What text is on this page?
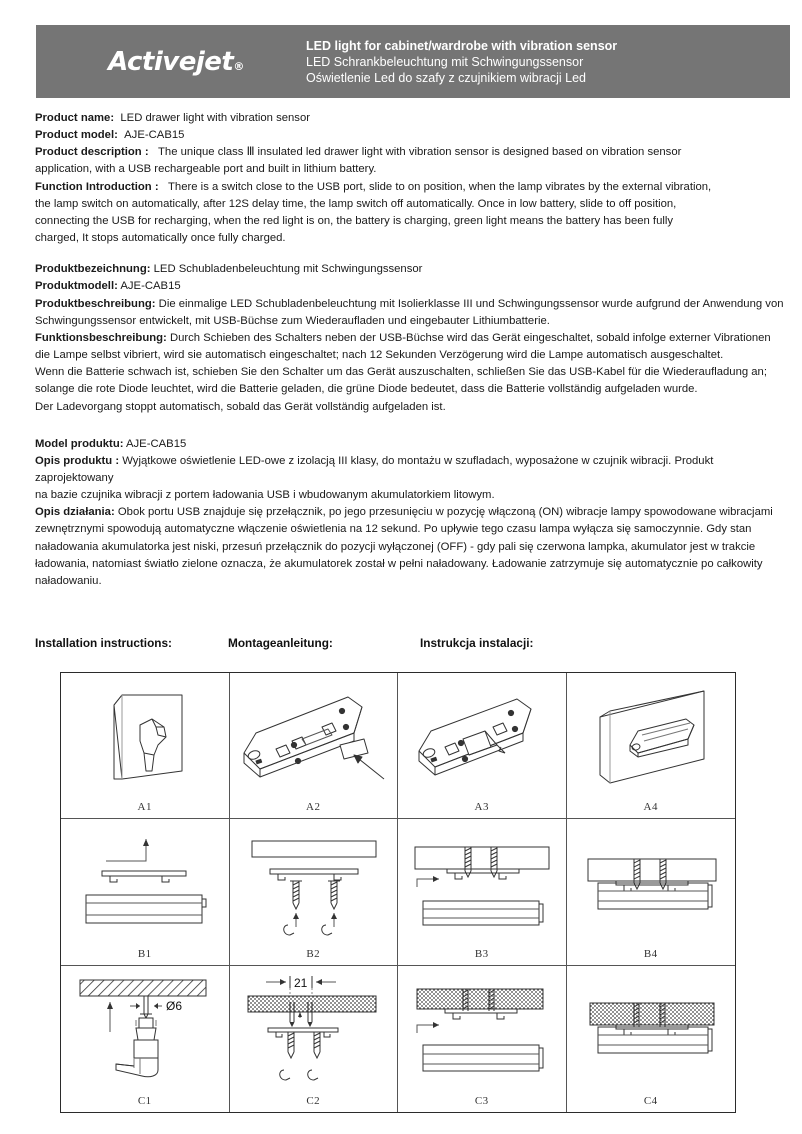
Activejet®
LED light for cabinet/wardrobe with vibration sensor
LED Schrankbeleuchtung mit Schwingungssensor
Oświetlenie Led do szafy z czujnikiem wibracji Led

Product name: LED drawer light with vibration sensor

Product model: AJE-CAB15

Product description : The unique class Ⅲ insulated led drawer light with vibration sensor is designed based on vibration sensor

application, with a USB rechargeable port and built in lithium battery.

Function Introduction : There is a switch close to the USB port, slide to on position, when the lamp vibrates by the external vibration,

the lamp switch on automatically, after 12S delay time, the lamp switch off automatically. Once in low battery, slide to off position,

connecting the USB for recharging, when the red light is on, the battery is charging, green light means the battery has been fully

charged, It stops automatically once fully charged.

Produktbezeichnung: LED Schubladenbeleuchtung mit Schwingungssensor

Produktmodell: AJE-CAB15

Produktbeschreibung: Die einmalige LED Schubladenbeleuchtung mit Isolierklasse III und Schwingungssensor wurde aufgrund der Anwendung von

Schwingungssensor entwickelt, mit USB-Büchse zum Wiederaufladen und eingebauter Lithiumbatterie.

Funktionsbeschreibung: Durch Schieben des Schalters neben der USB-Büchse wird das Gerät eingeschaltet, sobald infolge externer Vibrationen

die Lampe selbst vibriert, wird sie automatisch eingeschaltet; nach 12 Sekunden Verzögerung wird die Lampe automatisch ausgeschaltet.

Wenn die Batterie schwach ist, schieben Sie den Schalter um das Gerät auszuschalten, schließen Sie das USB-Kabel für die Wiederaufladung an;

solange die rote Diode leuchtet, wird die Batterie geladen, die grüne Diode bedeutet, dass die Batterie vollständig aufgeladen wurde.

Der Ladevorgang stoppt automatisch, sobald das Gerät vollständig aufgeladen ist.

Model produktu: AJE-CAB15

Opis produktu : Wyjątkowe oświetlenie LED-owe z izolacją III klasy, do montażu w szufladach, wyposażone w czujnik wibracji. Produkt zaprojektowany

na bazie czujnika wibracji z portem ładowania USB i wbudowanym akumulatorkiem litowym.

Opis działania: Obok portu USB znajduje się przełącznik, po jego przesunięciu w pozycję włączoną (ON) wibracje lampy spowodowane wibracjami

zewnętrznymi spowodują automatyczne włączenie oświetlenia na 12 sekund. Po upływie tego czasu lampa wyłącza się samoczynnie. Gdy stan

naładowania akumulatorka jest niski, przesuń przełącznik do pozycji wyłączonej (OFF) - gdy pali się czerwona lampka, akumulator jest w trakcie

ładowania, natomiast światło zielone oznacza, że akumulatorek został w pełni naładowany. Ładowanie zatrzymuje się automatycznie po całkowity

naładowaniu.

Installation instructions:	Montageanleitung:	Instrukcja instalacji:
A1	A2	A3	A4
B1	B2	B3	B4
Ø6
C1
21
C2	C3	C4
